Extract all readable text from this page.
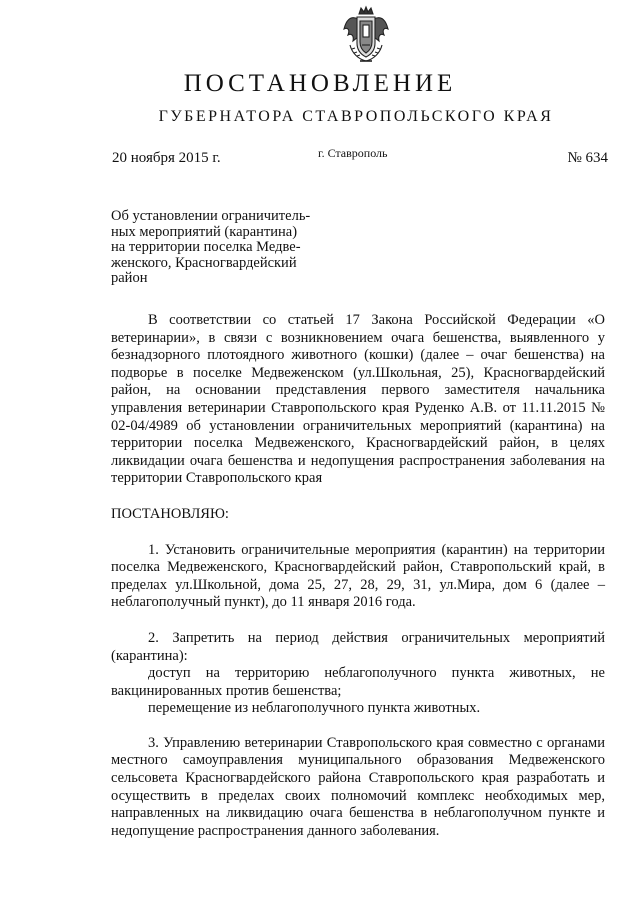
ПОСТАНОВЛЕНИЕ
ГУБЕРНАТОРА СТАВРОПОЛЬСКОГО КРАЯ
20 ноября 2015 г.	г. Ставрополь	№ 634
Об установлении ограничитель-
ных мероприятий (карантина)
на территории поселка Медве-
женского, Красногвардейский
район

В соответствии со статьей 17 Закона Российской Федерации «О ветеринарии», в связи с возникновением очага бешенства, выявленного у безнадзорного плотоядного животного (кошки) (далее – очаг бешенства) на подворье в поселке Медвеженском (ул.Школьная, 25), Красногвардейский район, на основании представления первого заместителя начальника управления ветеринарии Ставропольского края Руденко А.В. от 11.11.2015 № 02-04/4989 об установлении ограничительных мероприятий (карантина) на территории поселка Медвеженского, Красногвардейский район, в целях ликвидации очага бешенства и недопущения распространения заболевания на территории Ставропольского края

ПОСТАНОВЛЯЮ:

1. Установить ограничительные мероприятия (карантин) на территории поселка Медвеженского, Красногвардейский район, Ставропольский край, в пределах ул.Школьной, дома 25, 27, 28, 29, 31, ул.Мира, дом 6 (далее – неблагополучный пункт), до 11 января 2016 года.

2. Запретить на период действия ограничительных мероприятий (карантина):

доступ на территорию неблагополучного пункта животных, не вакцинированных против бешенства;

перемещение из неблагополучного пункта животных.

3. Управлению ветеринарии Ставропольского края совместно с органами местного самоуправления муниципального образования Медвеженского сельсовета Красногвардейского района Ставропольского края разработать и осуществить в пределах своих полномочий комплекс необходимых мер, направленных на ликвидацию очага бешенства в неблагополучном пункте и недопущение распространения данного заболевания.
